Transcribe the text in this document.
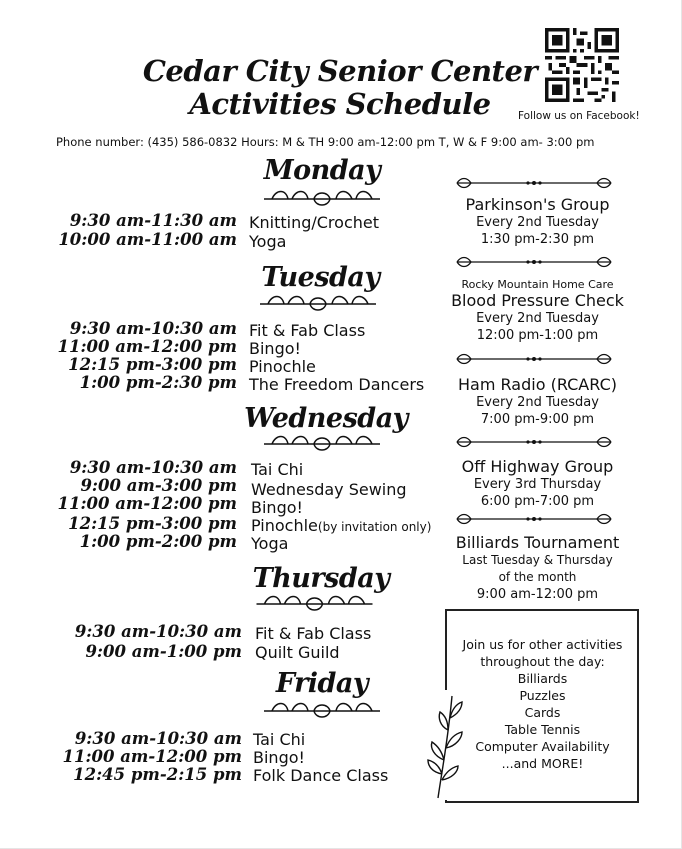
Cedar City Senior Center
Activities Schedule	Follow us on Facebook!
Phone number: (435) 586-0832 Hours: M & TH 9:00 am-12:00 pm T, W & F 9:00 am- 3:00 pm
Monday
9:30 am-11:30 am Knitting/Crochet
10:00 am-11:00 am Yoga
Tuesday
9:30 am-10:30 am Fit & Fab Class
11:00 am-12:00 pm Bingo!
12:15 pm-3:00 pm Pinochle
1:00 pm-2:30 pm The Freedom Dancers
Wednesday
9:30 am-10:30 am Tai Chi
9:00 am-3:00 pm Wednesday Sewing
11:00 am-12:00 pm Bingo!
12:15 pm-3:00 pm Pinochle(by invitation only)
1:00 pm-2:00 pm Yoga
Thursday
9:30 am-10:30 am Fit & Fab Class
9:00 am-1:00 pm Quilt Guild
Friday
9:30 am-10:30 am Tai Chi
11:00 am-12:00 pm Bingo!
12:45 pm-2:15 pm Folk Dance Class
Parkinson's Group
Every 2nd Tuesday
1:30 pm-2:30 pm
Rocky Mountain Home Care
Blood Pressure Check
Every 2nd Tuesday
12:00 pm-1:00 pm
Ham Radio (RCARC)
Every 2nd Tuesday
7:00 pm-9:00 pm
Off Highway Group
Every 3rd Thursday
6:00 pm-7:00 pm
Billiards Tournament
Last Tuesday & Thursday
of the month
9:00 am-12:00 pm
Join us for other activities
throughout the day:
Billiards
Puzzles
Cards
Table Tennis
Computer Availability
...and MORE!
